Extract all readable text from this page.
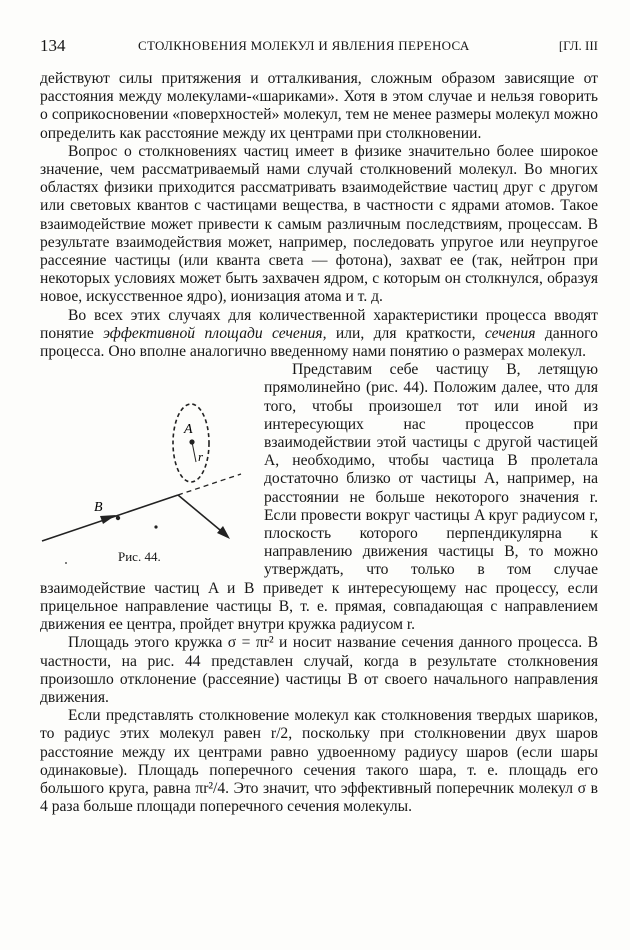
134	СТОЛКНОВЕНИЯ МОЛЕКУЛ И ЯВЛЕНИЯ ПЕРЕНОСА	[ГЛ. III

действуют силы притяжения и отталкивания, сложным образом зависящие от расстояния между молекулами-«шариками». Хотя в этом случае и нельзя говорить о соприкосновении «поверхностей» молекул, тем не менее размеры молекул можно определить как расстояние между их центрами при столкновении.

Вопрос о столкновениях частиц имеет в физике значительно более широкое значение, чем рассматриваемый нами случай столкновений молекул. Во многих областях физики приходится рассматривать взаимодействие частиц друг с другом или световых квантов с частицами вещества, в частности с ядрами атомов. Такое взаимодействие может привести к самым различным последствиям, процессам. В результате взаимодействия может, например, последовать упругое или неупругое рассеяние частицы (или кванта света — фотона), захват ее (так, нейтрон при некоторых условиях может быть захвачен ядром, с которым он столкнулся, образуя новое, искусственное ядро), ионизация атома и т. д.

Во всех этих случаях для количественной характеристики процесса вводят понятие эффективной площади сечения, или, для краткости, сечения данного процесса. Оно вполне аналогично введенному нами понятию о размерах молекул.

A
r
B
Рис. 44.

Представим себе частицу B, летящую прямолинейно (рис. 44). Положим далее, что для того, чтобы произошел тот или иной из интересующих нас процессов при взаимодействии этой частицы с другой частицей A, необходимо, чтобы частица B пролетала достаточно близко от частицы A, например, на расстоянии не больше некоторого значения r. Если провести вокруг частицы A круг радиусом r, плоскость которого перпендикулярна к направлению движения частицы B, то можно утверждать, что только в том случае взаимодействие частиц A и B приведет к интересующему нас процессу, если прицельное направление частицы B, т. е. прямая, совпадающая с направлением движения ее центра, пройдет внутри кружка радиусом r.

Площадь этого кружка σ = πr² и носит название сечения данного процесса. В частности, на рис. 44 представлен случай, когда в результате столкновения произошло отклонение (рассеяние) частицы B от своего начального направления движения.

Если представлять столкновение молекул как столкновения твердых шариков, то радиус этих молекул равен r/2, поскольку при столкновении двух шаров расстояние между их центрами равно удвоенному радиусу шаров (если шары одинаковые). Площадь поперечного сечения такого шара, т. е. площадь его большого круга, равна πr²/4. Это значит, что эффективный поперечник молекул σ в 4 раза больше площади поперечного сечения молекулы.
